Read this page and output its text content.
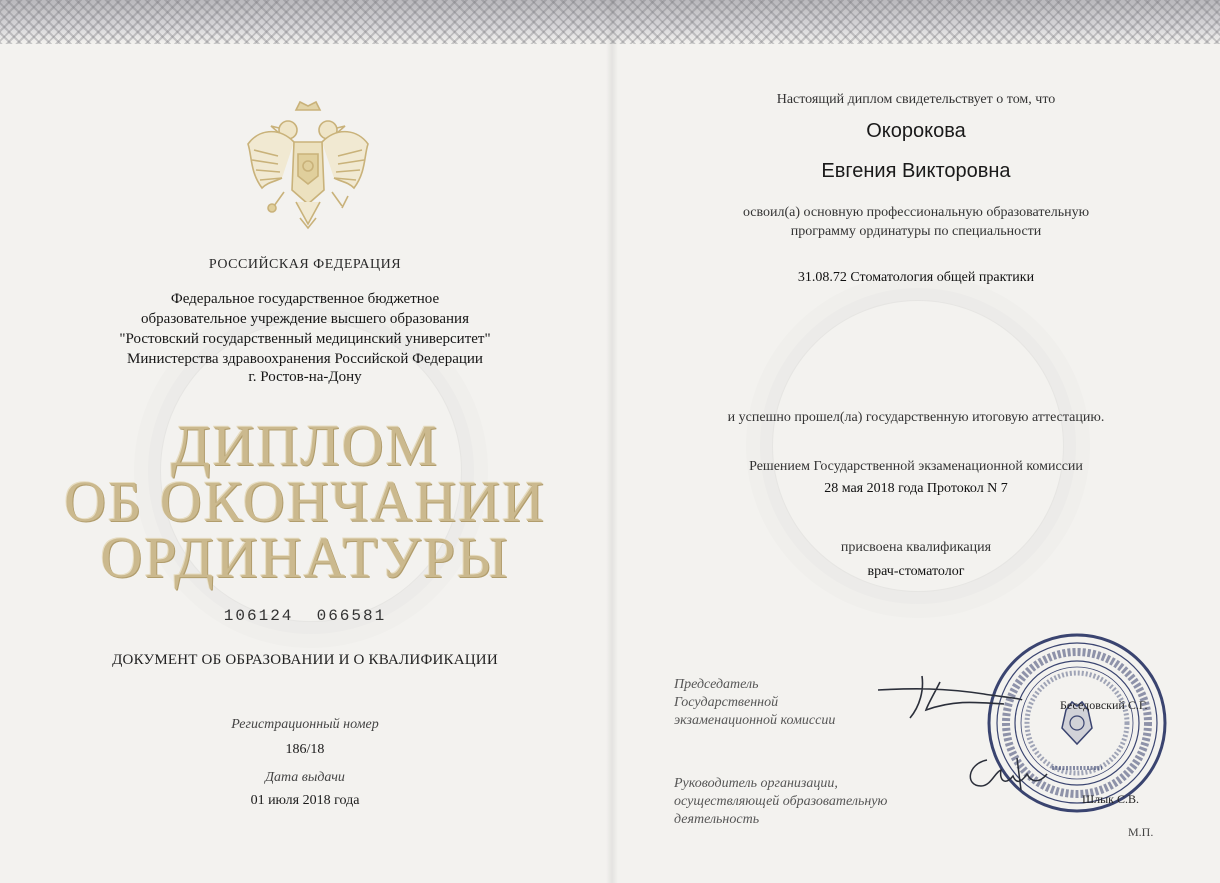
РОССИЙСКАЯ ФЕДЕРАЦИЯ
Федеральное государственное бюджетное
образовательное учреждение высшего образования
"Ростовский государственный медицинский университет"
Министерства здравоохранения Российской Федерации
г. Ростов-на-Дону
ДИПЛОМ
ОБ ОКОНЧАНИИ
ОРДИНАТУРЫ
106124  066581
ДОКУМЕНТ ОБ ОБРАЗОВАНИИ И О КВАЛИФИКАЦИИ
Регистрационный номер
186/18
Дата выдачи
01 июля 2018 года
Настоящий диплом свидетельствует о том, что
Окорокова
Евгения Викторовна
освоил(а) основную профессиональную образовательную
программу ординатуры по специальности
31.08.72 Стоматология общей практики
и успешно прошел(ла) государственную итоговую аттестацию.
Решением Государственной экзаменационной комиссии
28 мая 2018 года Протокол N 7
присвоена квалификация
врач-стоматолог
Председатель
Государственной
экзаменационной комиссии
Руководитель организации,
осуществляющей образовательную
деятельность
Беседовский С.Г.
Шлык С.В.
М.П.
